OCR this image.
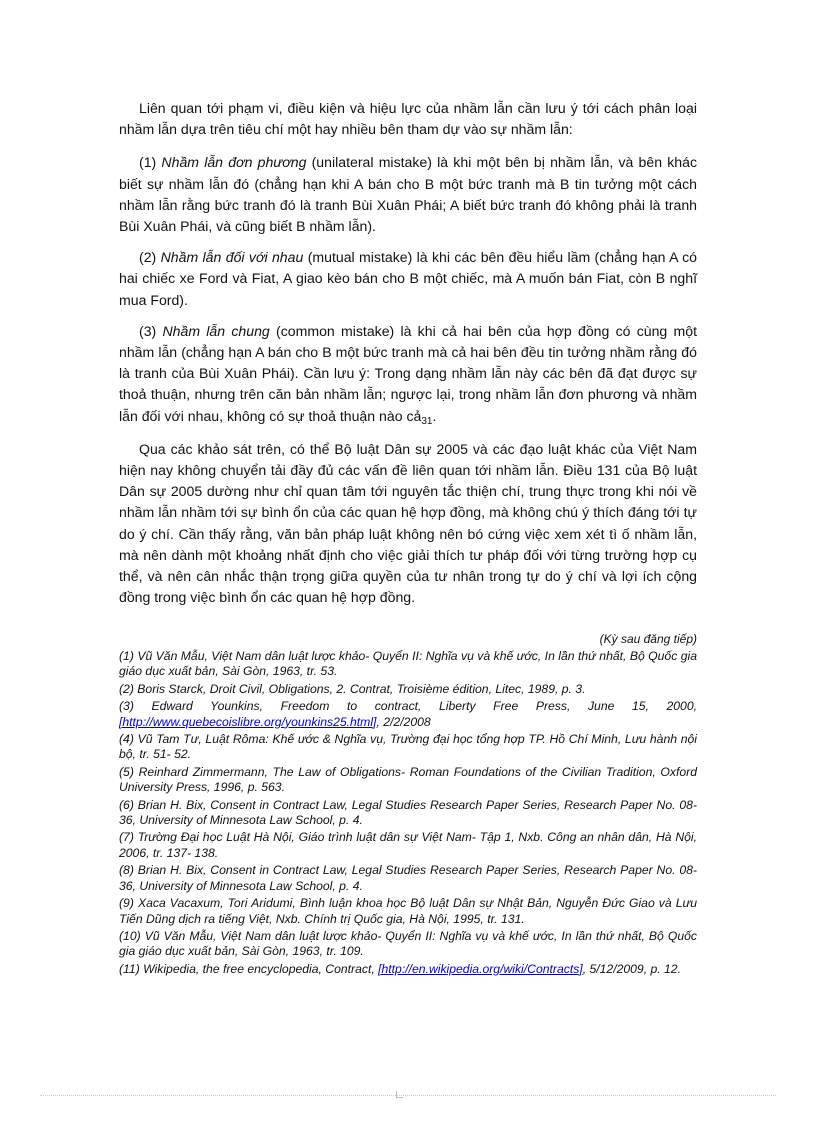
Liên quan tới phạm vi, điều kiện và hiệu lực của nhầm lẫn cần lưu ý tới cách phân loại nhầm lẫn dựa trên tiêu chí một hay nhiều bên tham dự vào sự nhầm lẫn:

(1) Nhầm lẫn đơn phương (unilateral mistake) là khi một bên bị nhầm lẫn, và bên khác biết sự nhầm lẫn đó (chẳng hạn khi A bán cho B một bức tranh mà B tin tưởng một cách nhầm lẫn rằng bức tranh đó là tranh Bùi Xuân Phái; A biết bức tranh đó không phải là tranh Bùi Xuân Phái, và cũng biết B nhầm lẫn).

(2) Nhầm lẫn đối với nhau (mutual mistake) là khi các bên đều hiểu lầm (chẳng hạn A có hai chiếc xe Ford và Fiat, A giao kèo bán cho B một chiếc, mà A muốn bán Fiat, còn B nghĩ mua Ford).

(3) Nhầm lẫn chung (common mistake) là khi cả hai bên của hợp đồng có cùng một nhầm lẫn (chẳng hạn A bán cho B một bức tranh mà cả hai bên đều tin tưởng nhầm rằng đó là tranh của Bùi Xuân Phái). Cần lưu ý: Trong dạng nhầm lẫn này các bên đã đạt được sự thoả thuận, nhưng trên căn bản nhầm lẫn; ngược lại, trong nhầm lẫn đơn phương và nhầm lẫn đối với nhau, không có sự thoả thuận nào cả$_{31}$.

Qua các khảo sát trên, có thể Bộ luật Dân sự 2005 và các đạo luật khác của Việt Nam hiện nay không chuyển tải đầy đủ các vấn đề liên quan tới nhầm lẫn. Điều 131 của Bộ luật Dân sự 2005 dường như chỉ quan tâm tới nguyên tắc thiện chí, trung thực trong khi nói về nhầm lẫn nhầm tới sự bình ổn của các quan hệ hợp đồng, mà không chú ý thích đáng tới tự do ý chí. Cần thấy rằng, văn bản pháp luật không nên bó cứng việc xem xét tì ố nhầm lẫn, mà nên dành một khoảng nhất định cho việc giải thích tư pháp đối với từng trường hợp cụ thể, và nên cân nhắc thận trọng giữa quyền của tư nhân trong tự do ý chí và lợi ích cộng đồng trong việc bình ổn các quan hệ hợp đồng.

(Kỳ sau đăng tiếp)
(1) Vũ Văn Mẫu, Việt Nam dân luật lược khảo- Quyển II: Nghĩa vụ và khế ước, In lần thứ nhất, Bộ Quốc gia giáo dục xuất bản, Sài Gòn, 1963, tr. 53.
(2) Boris Starck, Droit Civil, Obligations, 2. Contrat, Troisième édition, Litec, 1989, p. 3.
(3) Edward Younkins, Freedom to contract, Liberty Free Press, June 15, 2000, [http://www.quebecoislibre.org/younkins25.html], 2/2/2008
(4) Vũ Tam Tư, Luật Rôma: Khế ước & Nghĩa vụ, Trường đại học tổng hợp TP. Hồ Chí Minh, Lưu hành nội bộ, tr. 51- 52.
(5) Reinhard Zimmermann, The Law of Obligations- Roman Foundations of the Civilian Tradition, Oxford University Press, 1996, p. 563.
(6) Brian H. Bix, Consent in Contract Law, Legal Studies Research Paper Series, Research Paper No. 08-36, University of Minnesota Law School, p. 4.
(7) Trường Đại học Luật Hà Nội, Giáo trình luật dân sự Việt Nam- Tập 1, Nxb. Công an nhân dân, Hà Nội, 2006, tr. 137- 138.
(8) Brian H. Bix, Consent in Contract Law, Legal Studies Research Paper Series, Research Paper No. 08-36, University of Minnesota Law School, p. 4.
(9) Xaca Vacaxum, Tori Aridumi, Bình luận khoa học Bộ luật Dân sự Nhật Bản, Nguyễn Đức Giao và Lưu Tiến Dũng dịch ra tiếng Việt, Nxb. Chính trị Quốc gia, Hà Nội, 1995, tr. 131.
(10) Vũ Văn Mẫu, Việt Nam dân luật lược khảo- Quyển II: Nghĩa vụ và khế ước, In lần thứ nhất, Bộ Quốc gia giáo dục xuất bản, Sài Gòn, 1963, tr. 109.
(11) Wikipedia, the free encyclopedia, Contract, [http://en.wikipedia.org/wiki/Contracts], 5/12/2009, p. 12.
